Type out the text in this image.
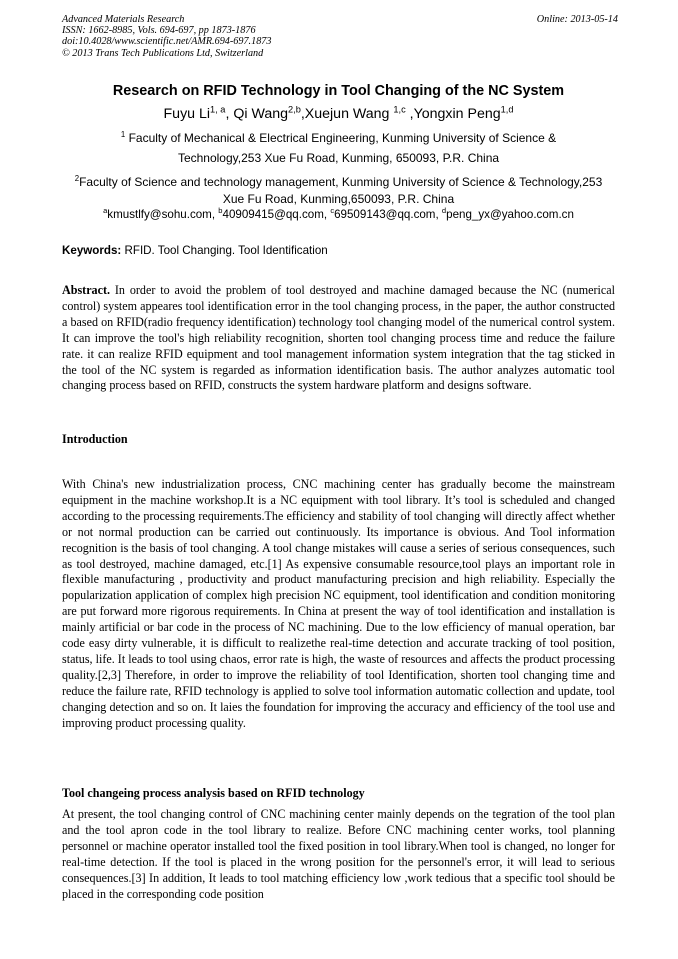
Advanced Materials Research
ISSN: 1662-8985, Vols. 694-697, pp 1873-1876
doi:10.4028/www.scientific.net/AMR.694-697.1873
© 2013 Trans Tech Publications Ltd, Switzerland
Online: 2013-05-14
Research on RFID Technology in Tool Changing of the NC System
Fuyu Li$^{1, a}$, Qi Wang$^{2,b}$,Xuejun Wang $^{1,c}$ ,Yongxin Peng$^{1,d}$
$^1$ Faculty of Mechanical & Electrical Engineering, Kunming University of Science &
Technology,253 Xue Fu Road, Kunming, 650093, P.R. China
$^2$Faculty of Science and technology management, Kunming University of Science & Technology,253
Xue Fu Road, Kunming,650093, P.R. China
$^a$kmustlfy@sohu.com, $^b$40909415@qq.com, $^c$69509143@qq.com, $^d$peng_yx@yahoo.com.cn
Keywords: RFID. Tool Changing. Tool Identification
Abstract. In order to avoid the problem of tool destroyed and machine damaged because the NC (numerical control) system appeares tool identification error in the tool changing process, in the paper, the author constructed a based on RFID(radio frequency identification) technology tool changing model of the numerical control system. It can improve the tool's high reliability recognition, shorten tool changing process time and reduce the failure rate. it can realize RFID equipment and tool management information system integration that the tag sticked in the tool of the NC system is regarded as information identification basis. The author analyzes automatic tool changing process based on RFID, constructs the system hardware platform and designs software.
Introduction
With China's new industrialization process, CNC machining center has gradually become the mainstream equipment in the machine workshop.It is a NC equipment with tool library. It’s tool is scheduled and changed according to the processing requirements.The efficiency and stability of tool changing will directly affect whether or not normal production can be carried out continuously. Its importance is obvious. And Tool information recognition is the basis of tool changing. A tool change mistakes will cause a series of serious consequences, such as tool destroyed, machine damaged, etc.[1] As expensive consumable resource,tool plays an important role in flexible manufacturing , productivity and product manufacturing precision and high reliability. Especially the popularization application of complex high precision NC equipment, tool identification and condition monitoring are put forward more rigorous requirements. In China at present the way of tool identification and installation is mainly artificial or bar code in the process of NC machining. Due to the low efficiency of manual operation, bar code easy dirty vulnerable, it is difficult to realizethe real-time detection and accurate tracking of tool position, status, life. It leads to tool using chaos, error rate is high, the waste of resources and affects the product processing quality.[2,3] Therefore, in order to improve the reliability of tool Identification, shorten tool changing time and reduce the failure rate, RFID technology is applied to solve tool information automatic collection and update, tool changing detection and so on. It laies the foundation for improving the accuracy and efficiency of the tool use and improving product processing quality.
Tool changeing process analysis based on RFID technology
At present, the tool changing control of CNC machining center mainly depends on the tegration of the tool plan and the tool apron code in the tool library to realize. Before CNC machining center works, tool planning personnel or machine operator installed tool the fixed position in tool library.When tool is changed, no longer for real-time detection. If the tool is placed in the wrong position for the personnel's error, it will lead to serious consequences.[3] In addition, It leads to tool matching efficiency low ,work tedious that a specific tool should be placed in the corresponding code position
